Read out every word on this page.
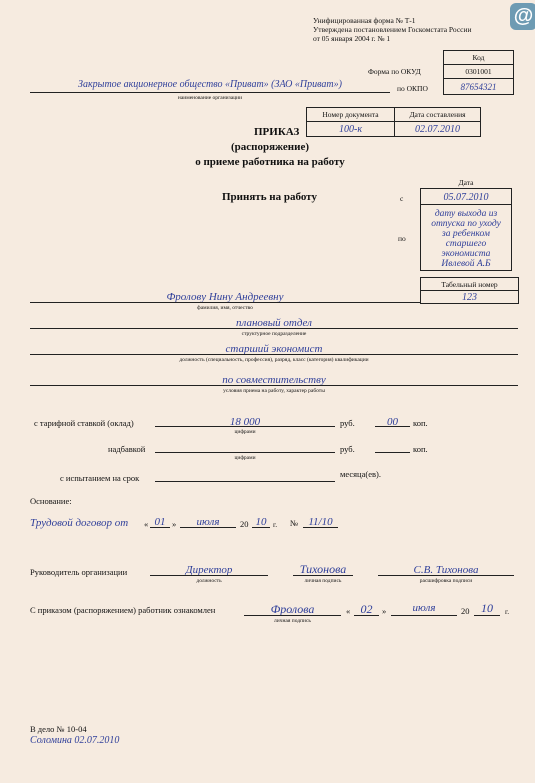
@
Унифицированная форма № Т-1
Утверждена постановлением Госкомстата России
от 05 января 2004 г. № 1
Код
Форма по ОКУД	0301001
по ОКПО	87654321
Закрытое акционерное общество «Приват» (ЗАО «Приват»)
наименование организации
Номер документа	Дата составления
100-к	02.07.2010
ПРИКАЗ
(распоряжение)
о приеме работника на работу
Принять на работу
Дата
с	05.07.2010
по
дату выхода из отпуска по уходу за ребенком старшего экономиста Ивлевой А.Б
Табельный номер
123
Фролову Нину Андреевну
фамилия, имя, отчество
плановый отдел
структурное подразделение
старший экономист
должность (специальность, профессия), разряд, класс (категория) квалификации
по совместительству
условия приема на работу, характер работы
с тарифной ставкой (оклад)	18 000
цифрами
руб.	00	коп.
надбавкой
цифрами
руб.	коп.
с испытанием на срок	месяца(ев).
Основание:
Трудовой договор от « 01 »	июля	20 10 г. № 11/10
Руководитель организации	Директор
должность
Тихонова
личная подпись
С.В. Тихонова
расшифровка подписи
С приказом (распоряжением) работник ознакомлен	Фролова
личная подпись
« 02	»	июля	20 10	г.
В дело № 10-04
Соломина 02.07.2010
